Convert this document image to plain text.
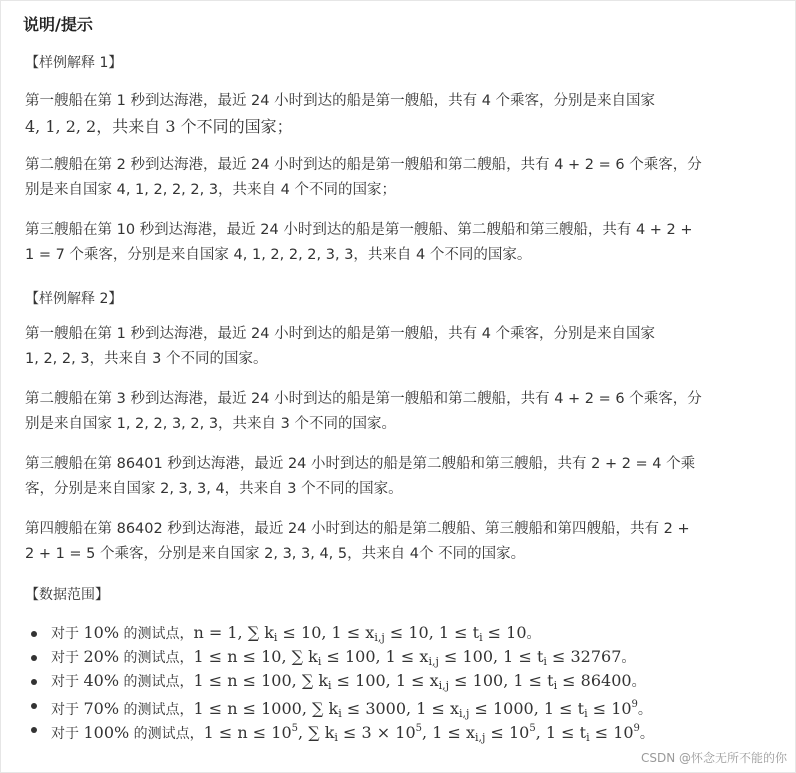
说明/提示
【样例解释 1】
第一艘船在第 1 秒到达海港，最近 24 小时到达的船是第一艘船，共有 4 个乘客，分别是来自国家
4, 1, 2, 2，共来自 3 个不同的国家；
第二艘船在第 2 秒到达海港，最近 24 小时到达的船是第一艘船和第二艘船，共有 4 + 2 = 6 个乘客，分
别是来自国家 4, 1, 2, 2, 2, 3，共来自 4 个不同的国家；
第三艘船在第 10 秒到达海港，最近 24 小时到达的船是第一艘船、第二艘船和第三艘船，共有 4 + 2 +
1 = 7 个乘客，分别是来自国家 4, 1, 2, 2, 2, 3, 3，共来自 4 个不同的国家。
【样例解释 2】
第一艘船在第 1 秒到达海港，最近 24 小时到达的船是第一艘船，共有 4 个乘客，分别是来自国家
1, 2, 2, 3，共来自 3 个不同的国家。
第二艘船在第 3 秒到达海港，最近 24 小时到达的船是第一艘船和第二艘船，共有 4 + 2 = 6 个乘客，分
别是来自国家 1, 2, 2, 3, 2, 3，共来自 3 个不同的国家。
第三艘船在第 86401 秒到达海港，最近 24 小时到达的船是第二艘船和第三艘船，共有 2 + 2 = 4 个乘
客，分别是来自国家 2, 3, 3, 4，共来自 3 个不同的国家。
第四艘船在第 86402 秒到达海港，最近 24 小时到达的船是第二艘船、第三艘船和第四艘船，共有 2 +
2 + 1 = 5 个乘客，分别是来自国家 2, 3, 3, 4, 5，共来自 4个 不同的国家。
【数据范围】
对于 10% 的测试点，n = 1, ∑ $k_i \le 10$, $1 \le x_{i,j} \le 10$, $1 \le t_i \le 10$。
对于 20% 的测试点，1 ≤ n ≤ 10, ∑ $k_i \le 100$, $1 \le x_{i,j} \le 100$, $1 \le t_i \le 32767$。
对于 40% 的测试点，1 ≤ n ≤ 100, ∑ $k_i \le 100$, $1 \le x_{i,j} \le 100$, $1 \le t_i \le 86400$。
对于 70% 的测试点，1 ≤ n ≤ 1000, ∑ $k_i \le 3000$, $1 \le x_{i,j} \le 1000$, $1 \le t_i \le 10^9$。
对于 100% 的测试点，$1 \le n \le 10^5$, ∑ $k_i \le 3 \times 10^5$, $1 \le x_{i,j} \le 10^5$, $1 \le t_i \le 10^9$。
CSDN @怀念无所不能的你
